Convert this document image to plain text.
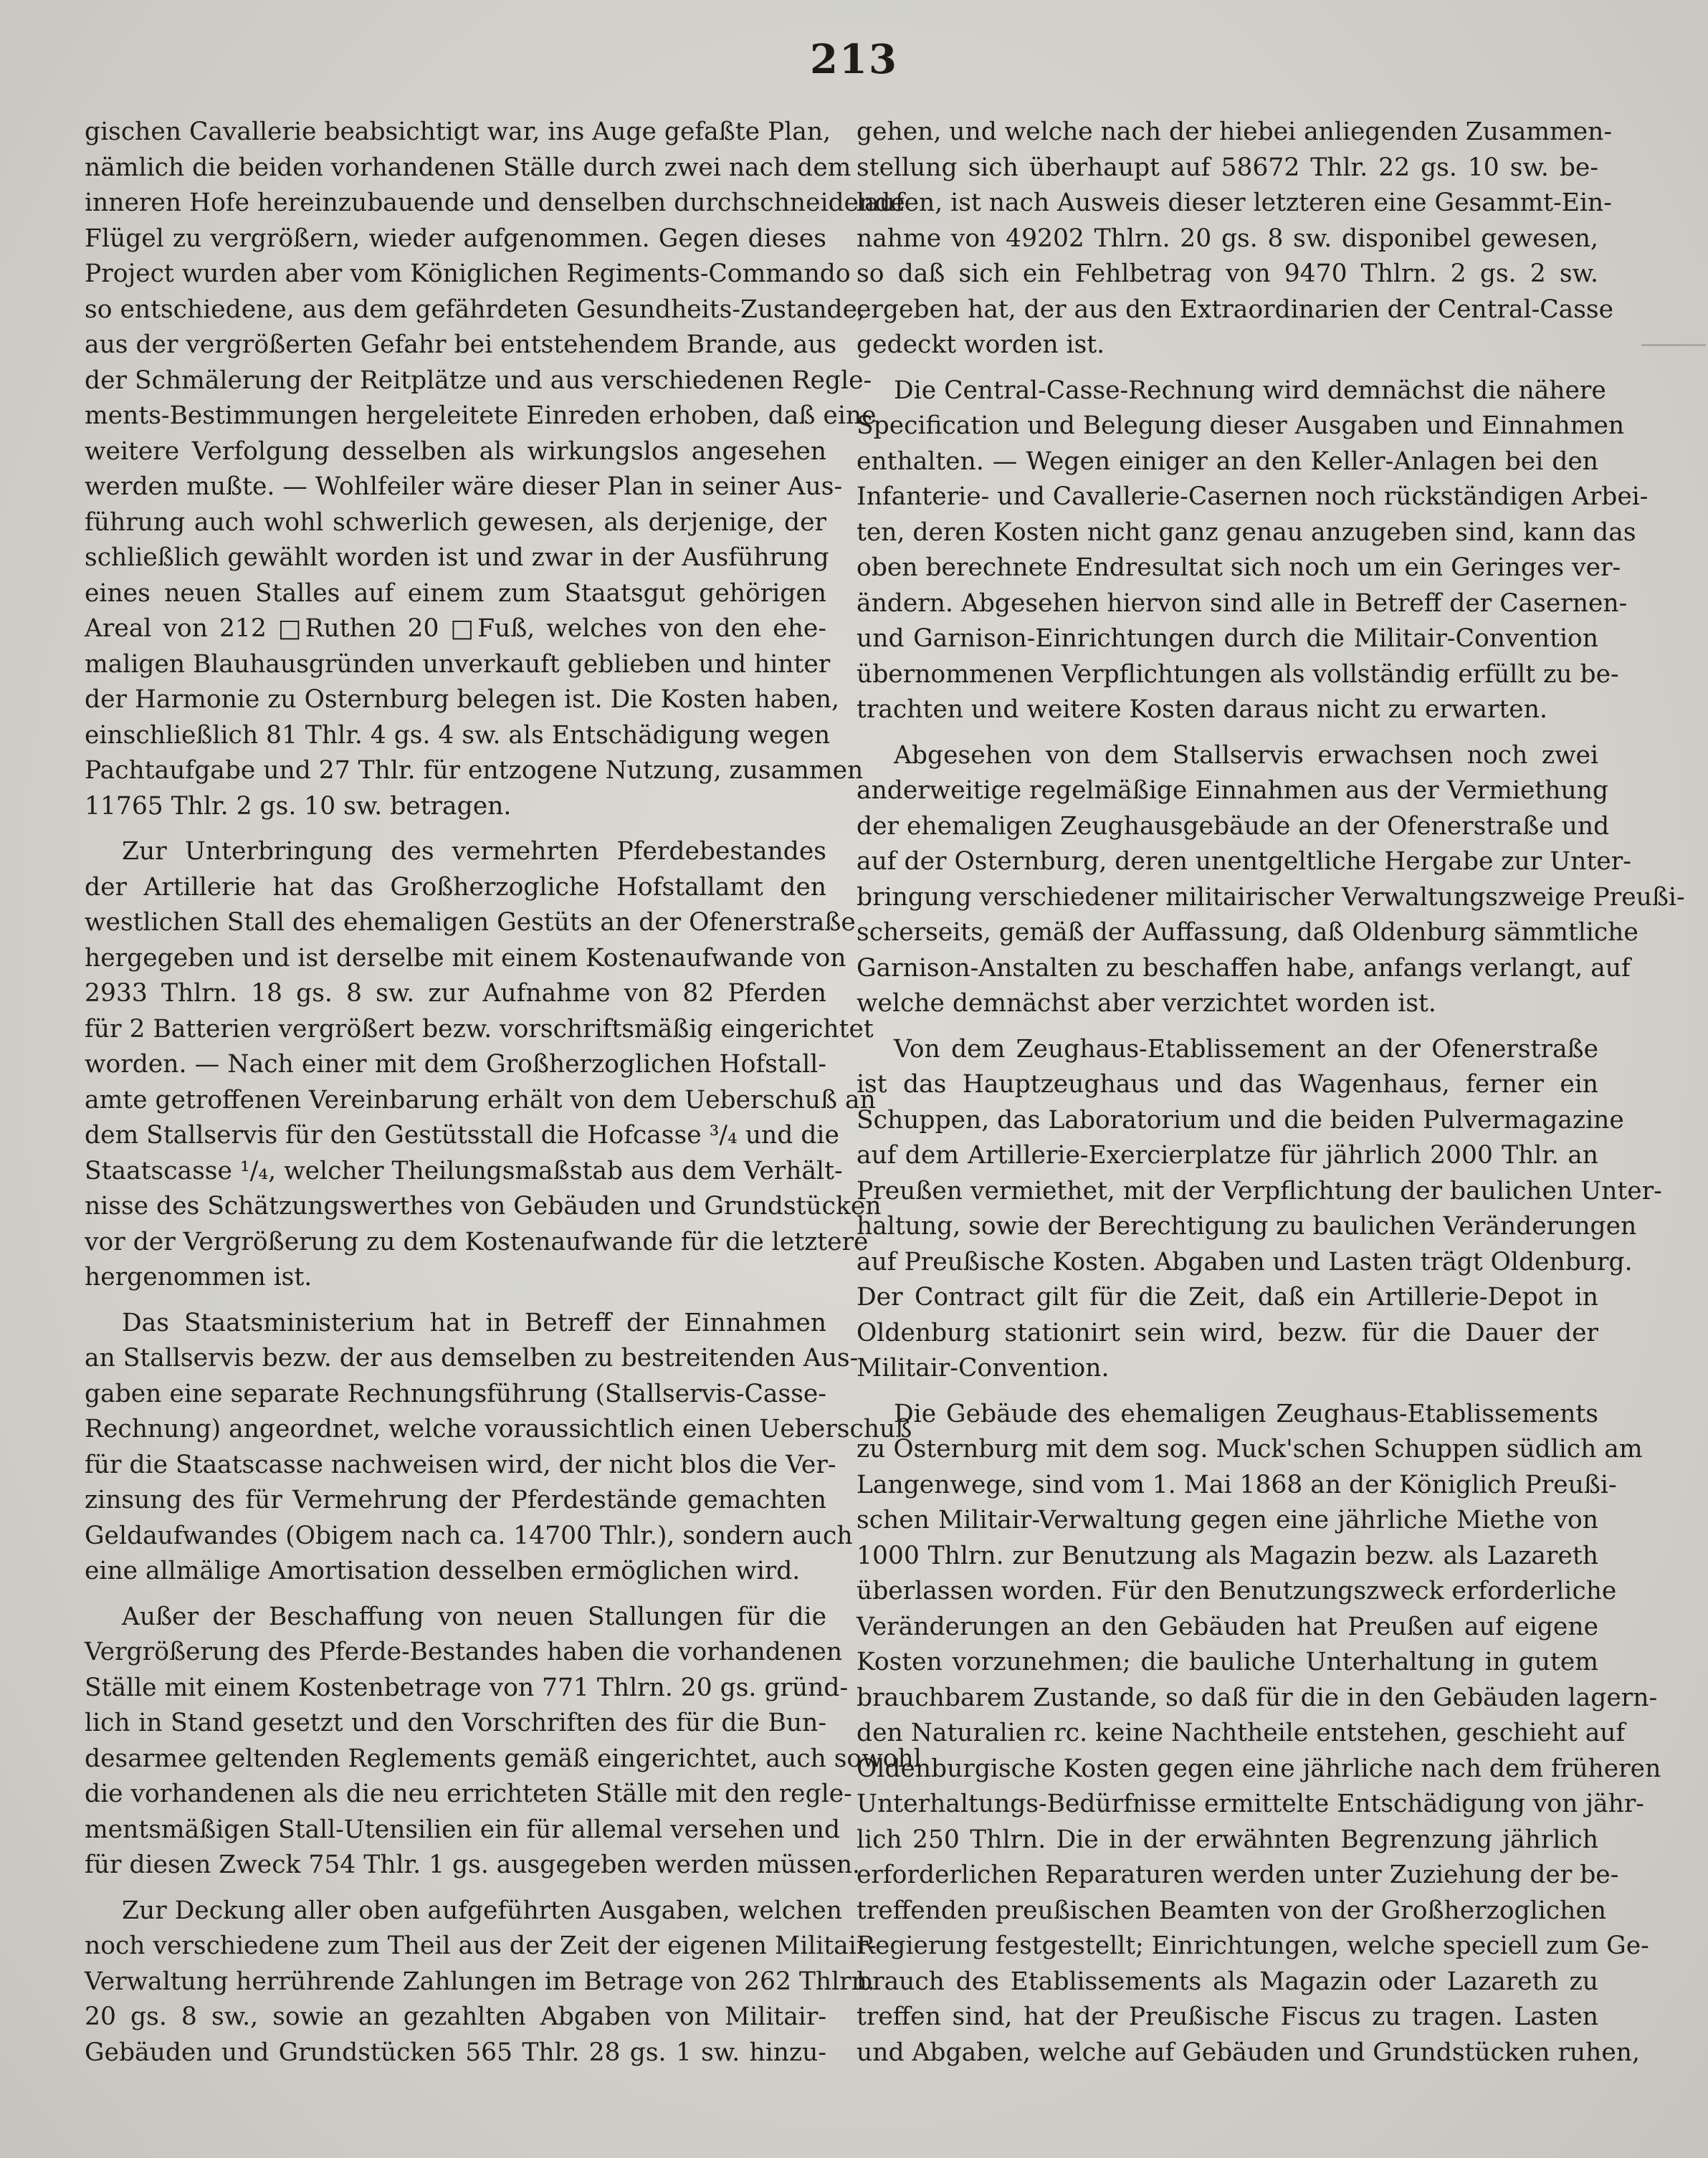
213
gischen Cavallerie beabsichtigt war, ins Auge gefaßte Plan,
nämlich die beiden vorhandenen Ställe durch zwei nach dem
inneren Hofe hereinzubauende und denselben durchschneidende
Flügel zu vergrößern, wieder aufgenommen. Gegen dieses
Project wurden aber vom Königlichen Regiments-Commando
so entschiedene, aus dem gefährdeten Gesundheits-Zustande,
aus der vergrößerten Gefahr bei entstehendem Brande, aus
der Schmälerung der Reitplätze und aus verschiedenen Regle-
ments-Bestimmungen hergeleitete Einreden erhoben, daß eine
weitere Verfolgung desselben als wirkungslos angesehen
werden mußte. — Wohlfeiler wäre dieser Plan in seiner Aus-
führung auch wohl schwerlich gewesen, als derjenige, der
schließlich gewählt worden ist und zwar in der Ausführung
eines neuen Stalles auf einem zum Staatsgut gehörigen
Areal von 212 □Ruthen 20 □Fuß, welches von den ehe-
maligen Blauhausgründen unverkauft geblieben und hinter
der Harmonie zu Osternburg belegen ist. Die Kosten haben,
einschließlich 81 Thlr. 4 gs. 4 sw. als Entschädigung wegen
Pachtaufgabe und 27 Thlr. für entzogene Nutzung, zusammen
11765 Thlr. 2 gs. 10 sw. betragen.
Zur Unterbringung des vermehrten Pferdebestandes
der Artillerie hat das Großherzogliche Hofstallamt den
westlichen Stall des ehemaligen Gestüts an der Ofenerstraße
hergegeben und ist derselbe mit einem Kostenaufwande von
2933 Thlrn. 18 gs. 8 sw. zur Aufnahme von 82 Pferden
für 2 Batterien vergrößert bezw. vorschriftsmäßig eingerichtet
worden. — Nach einer mit dem Großherzoglichen Hofstall-
amte getroffenen Vereinbarung erhält von dem Ueberschuß an
dem Stallservis für den Gestütsstall die Hofcasse ³/₄ und die
Staatscasse ¹/₄, welcher Theilungsmaßstab aus dem Verhält-
nisse des Schätzungswerthes von Gebäuden und Grundstücken
vor der Vergrößerung zu dem Kostenaufwande für die letztere
hergenommen ist.
Das Staatsministerium hat in Betreff der Einnahmen
an Stallservis bezw. der aus demselben zu bestreitenden Aus-
gaben eine separate Rechnungsführung (Stallservis-Casse-
Rechnung) angeordnet, welche voraussichtlich einen Ueberschuß
für die Staatscasse nachweisen wird, der nicht blos die Ver-
zinsung des für Vermehrung der Pferdestände gemachten
Geldaufwandes (Obigem nach ca. 14700 Thlr.), sondern auch
eine allmälige Amortisation desselben ermöglichen wird.
Außer der Beschaffung von neuen Stallungen für die
Vergrößerung des Pferde-Bestandes haben die vorhandenen
Ställe mit einem Kostenbetrage von 771 Thlrn. 20 gs. gründ-
lich in Stand gesetzt und den Vorschriften des für die Bun-
desarmee geltenden Reglements gemäß eingerichtet, auch sowohl
die vorhandenen als die neu errichteten Ställe mit den regle-
mentsmäßigen Stall-Utensilien ein für allemal versehen und
für diesen Zweck 754 Thlr. 1 gs. ausgegeben werden müssen.
Zur Deckung aller oben aufgeführten Ausgaben, welchen
noch verschiedene zum Theil aus der Zeit der eigenen Militair-
Verwaltung herrührende Zahlungen im Betrage von 262 Thlrn.
20 gs. 8 sw., sowie an gezahlten Abgaben von Militair-
Gebäuden und Grundstücken 565 Thlr. 28 gs. 1 sw. hinzu-
gehen, und welche nach der hiebei anliegenden Zusammen-
stellung sich überhaupt auf 58672 Thlr. 22 gs. 10 sw. be-
laufen, ist nach Ausweis dieser letzteren eine Gesammt-Ein-
nahme von 49202 Thlrn. 20 gs. 8 sw. disponibel gewesen,
so daß sich ein Fehlbetrag von 9470 Thlrn. 2 gs. 2 sw.
ergeben hat, der aus den Extraordinarien der Central-Casse
gedeckt worden ist.
Die Central-Casse-Rechnung wird demnächst die nähere
Specification und Belegung dieser Ausgaben und Einnahmen
enthalten. — Wegen einiger an den Keller-Anlagen bei den
Infanterie- und Cavallerie-Casernen noch rückständigen Arbei-
ten, deren Kosten nicht ganz genau anzugeben sind, kann das
oben berechnete Endresultat sich noch um ein Geringes ver-
ändern. Abgesehen hiervon sind alle in Betreff der Casernen-
und Garnison-Einrichtungen durch die Militair-Convention
übernommenen Verpflichtungen als vollständig erfüllt zu be-
trachten und weitere Kosten daraus nicht zu erwarten.
Abgesehen von dem Stallservis erwachsen noch zwei
anderweitige regelmäßige Einnahmen aus der Vermiethung
der ehemaligen Zeughausgebäude an der Ofenerstraße und
auf der Osternburg, deren unentgeltliche Hergabe zur Unter-
bringung verschiedener militairischer Verwaltungszweige Preußi-
scherseits, gemäß der Auffassung, daß Oldenburg sämmtliche
Garnison-Anstalten zu beschaffen habe, anfangs verlangt, auf
welche demnächst aber verzichtet worden ist.
Von dem Zeughaus-Etablissement an der Ofenerstraße
ist das Hauptzeughaus und das Wagenhaus, ferner ein
Schuppen, das Laboratorium und die beiden Pulvermagazine
auf dem Artillerie-Exercierplatze für jährlich 2000 Thlr. an
Preußen vermiethet, mit der Verpflichtung der baulichen Unter-
haltung, sowie der Berechtigung zu baulichen Veränderungen
auf Preußische Kosten. Abgaben und Lasten trägt Oldenburg.
Der Contract gilt für die Zeit, daß ein Artillerie-Depot in
Oldenburg stationirt sein wird, bezw. für die Dauer der
Militair-Convention.
Die Gebäude des ehemaligen Zeughaus-Etablissements
zu Osternburg mit dem sog. Muck'schen Schuppen südlich am
Langenwege, sind vom 1. Mai 1868 an der Königlich Preußi-
schen Militair-Verwaltung gegen eine jährliche Miethe von
1000 Thlrn. zur Benutzung als Magazin bezw. als Lazareth
überlassen worden. Für den Benutzungszweck erforderliche
Veränderungen an den Gebäuden hat Preußen auf eigene
Kosten vorzunehmen; die bauliche Unterhaltung in gutem
brauchbarem Zustande, so daß für die in den Gebäuden lagern-
den Naturalien rc. keine Nachtheile entstehen, geschieht auf
Oldenburgische Kosten gegen eine jährliche nach dem früheren
Unterhaltungs-Bedürfnisse ermittelte Entschädigung von jähr-
lich 250 Thlrn. Die in der erwähnten Begrenzung jährlich
erforderlichen Reparaturen werden unter Zuziehung der be-
treffenden preußischen Beamten von der Großherzoglichen
Regierung festgestellt; Einrichtungen, welche speciell zum Ge-
brauch des Etablissements als Magazin oder Lazareth zu
treffen sind, hat der Preußische Fiscus zu tragen. Lasten
und Abgaben, welche auf Gebäuden und Grundstücken ruhen,
